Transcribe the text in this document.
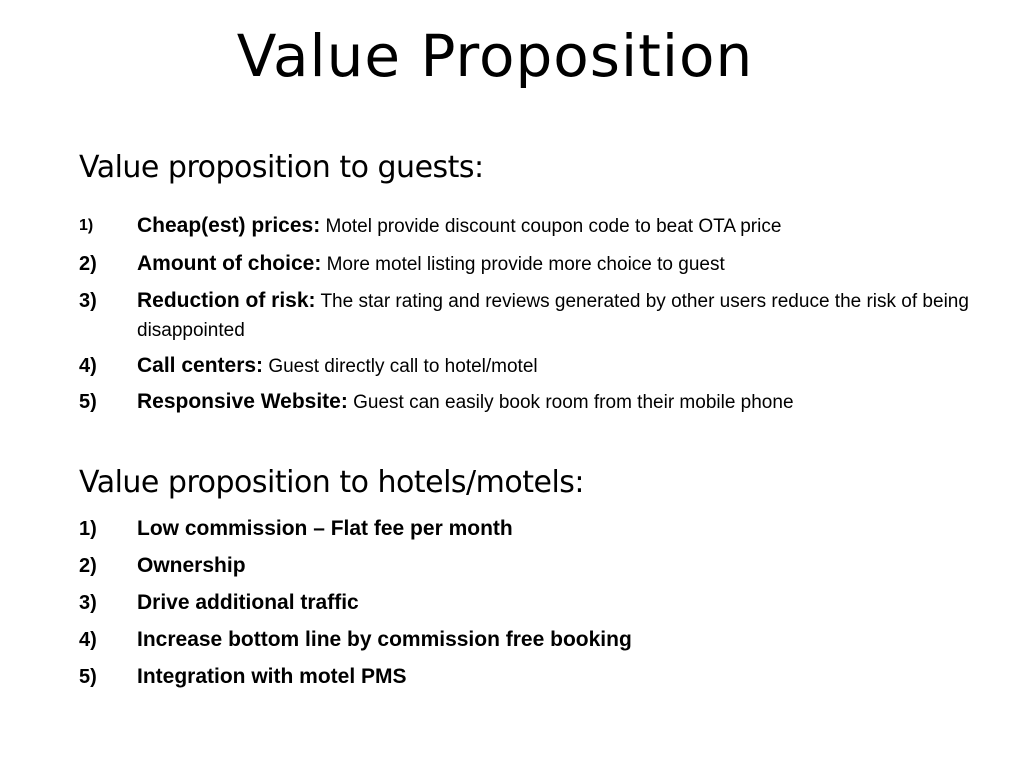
Value Proposition
Value proposition to guests:
1)	Cheap(est) prices: Motel provide discount coupon code to beat OTA price
2)	Amount of choice: More motel listing provide more choice to guest
3)	Reduction of risk: The star rating and reviews generated by other users reduce the risk of being disappointed
4)	Call centers: Guest directly call to hotel/motel
5)	Responsive Website: Guest can easily book room from their mobile phone
Value proposition to hotels/motels:
1)	Low commission – Flat fee per month
2)	Ownership
3)	Drive additional traffic
4)	Increase bottom line by commission free booking
5)	Integration with motel PMS
